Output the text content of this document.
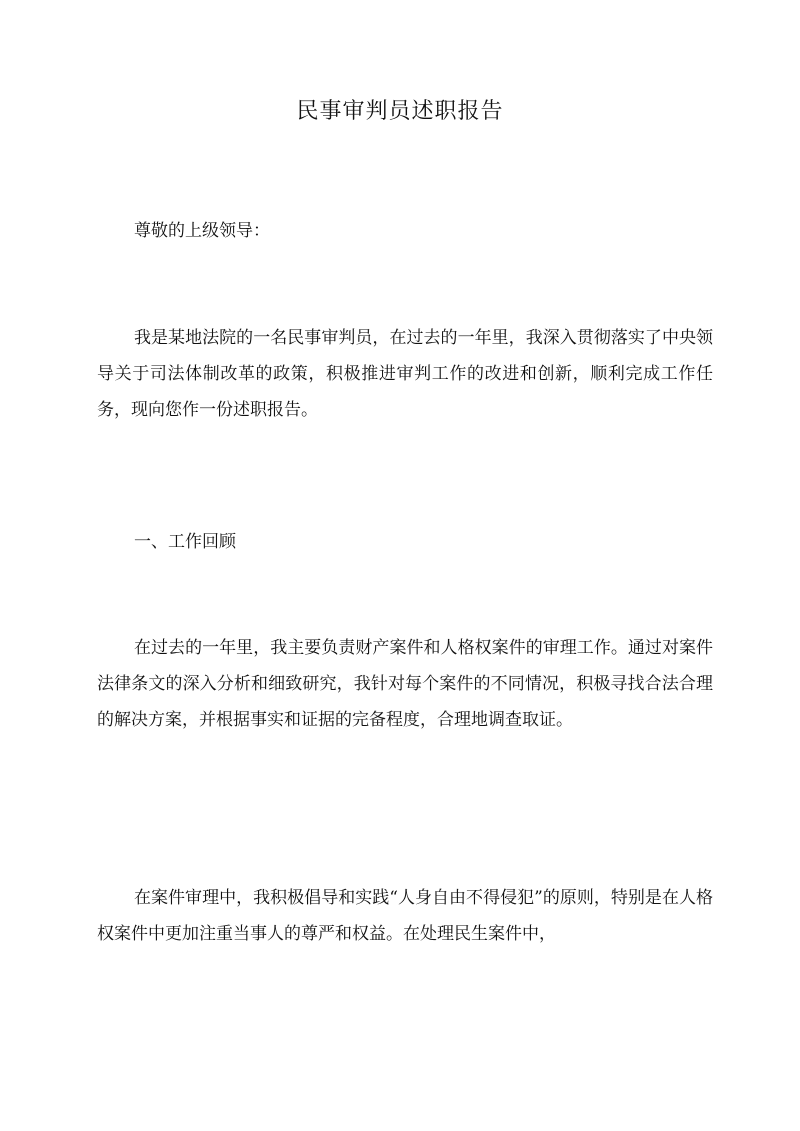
民事审判员述职报告

尊敬的上级领导：

我是某地法院的一名民事审判员，在过去的一年里，我深入贯彻落实了中央领导关于司法体制改革的政策，积极推进审判工作的改进和创新，顺利完成工作任务，现向您作一份述职报告。

一、工作回顾

在过去的一年里，我主要负责财产案件和人格权案件的审理工作。通过对案件法律条文的深入分析和细致研究，我针对每个案件的不同情况，积极寻找合法合理的解决方案，并根据事实和证据的完备程度，合理地调查取证。

在案件审理中，我积极倡导和实践“人身自由不得侵犯”的原则，特别是在人格权案件中更加注重当事人的尊严和权益。在处理民生案件中，
